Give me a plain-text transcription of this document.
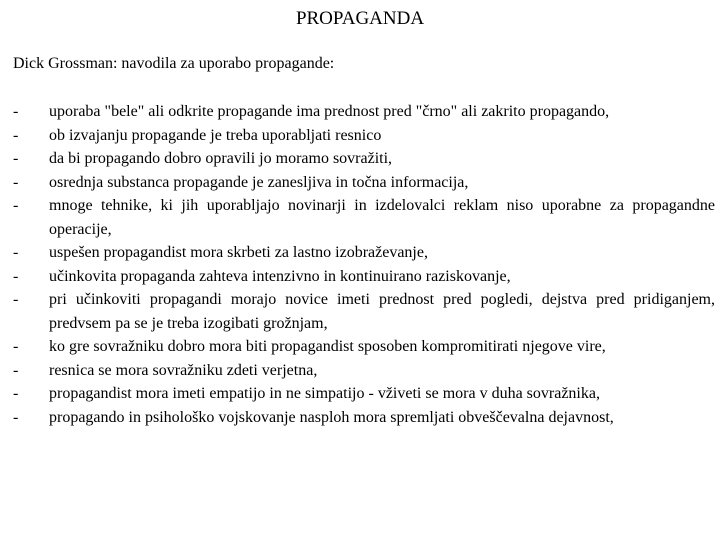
PROPAGANDA
Dick Grossman: navodila za uporabo propagande:
-	uporaba "bele" ali odkrite propagande ima prednost pred "črno" ali zakrito propagando,
-	ob izvajanju propagande je treba uporabljati resnico
-	da bi propagando dobro opravili jo moramo sovražiti,
-	osrednja substanca propagande je zanesljiva in točna informacija,
-	mnoge tehnike, ki jih uporabljajo novinarji in izdelovalci reklam niso uporabne za propagandne operacije,
-	uspešen propagandist mora skrbeti za lastno izobraževanje,
-	učinkovita propaganda zahteva intenzivno in kontinuirano raziskovanje,
-	pri učinkoviti propagandi morajo novice imeti prednost pred pogledi, dejstva pred pridiganjem, predvsem pa se je treba izogibati grožnjam,
-	ko gre sovražniku dobro mora biti propagandist sposoben kompromitirati njegove vire,
-	resnica se mora sovražniku zdeti verjetna,
-	propagandist mora imeti empatijo in ne simpatijo - vživeti se mora v duha sovražnika,
-	propagando in psihološko vojskovanje nasploh mora spremljati obveščevalna dejavnost,
